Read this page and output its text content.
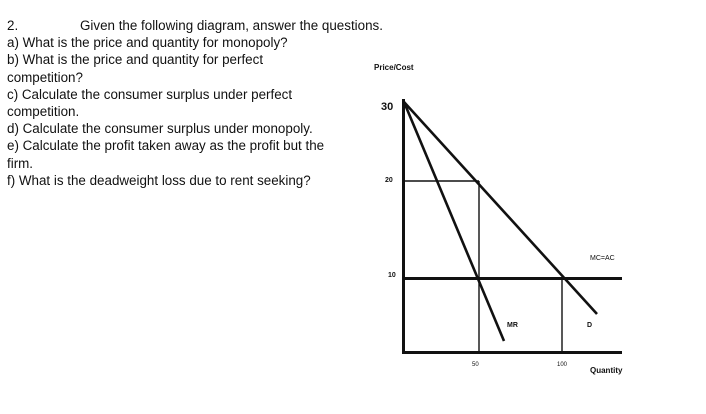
2.	Given the following diagram, answer the questions.
a) What is the price and quantity for monopoly?
b) What is the price and quantity for perfect
competition?
c) Calculate the consumer surplus under perfect
competition.
d) Calculate the consumer surplus under monopoly.
e) Calculate the profit taken away as the profit but the
firm.
f) What is the deadweight loss due to rent seeking?
Price/Cost
30
20
10
50	100
MC=AC
MR	D
Quantity
